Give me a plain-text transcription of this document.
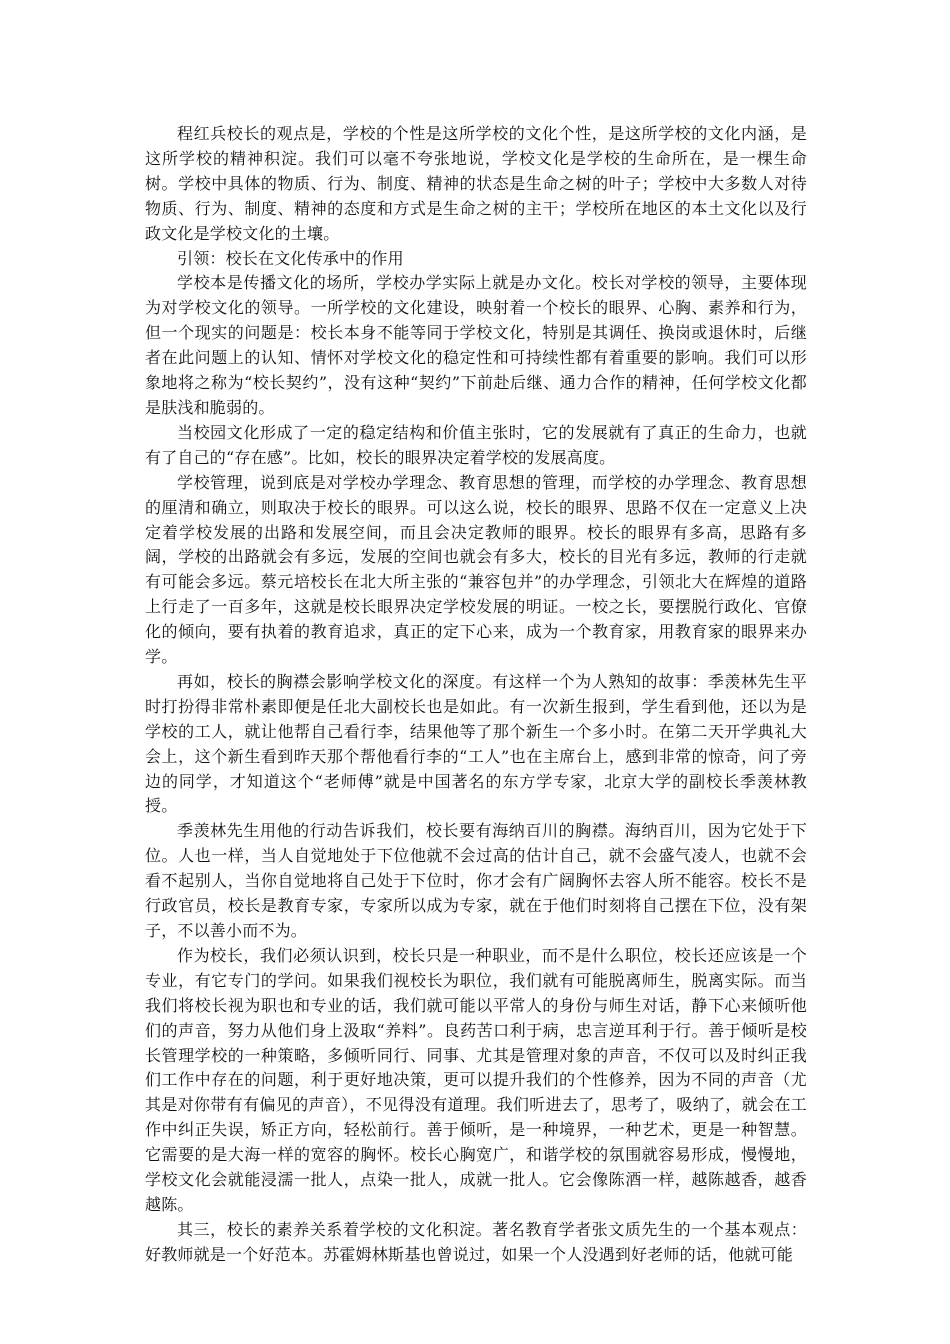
程红兵校长的观点是，学校的个性是这所学校的文化个性，是这所学校的文化内涵，是这所学校的精神积淀。我们可以毫不夸张地说，学校文化是学校的生命所在，是一棵生命树。学校中具体的物质、行为、制度、精神的状态是生命之树的叶子；学校中大多数人对待物质、行为、制度、精神的态度和方式是生命之树的主干；学校所在地区的本土文化以及行政文化是学校文化的土壤。

引领：校长在文化传承中的作用

学校本是传播文化的场所，学校办学实际上就是办文化。校长对学校的领导，主要体现为对学校文化的领导。一所学校的文化建设，映射着一个校长的眼界、心胸、素养和行为，但一个现实的问题是：校长本身不能等同于学校文化，特别是其调任、换岗或退休时，后继者在此问题上的认知、情怀对学校文化的稳定性和可持续性都有着重要的影响。我们可以形象地将之称为“校长契约”，没有这种“契约”下前赴后继、通力合作的精神，任何学校文化都是肤浅和脆弱的。

当校园文化形成了一定的稳定结构和价值主张时，它的发展就有了真正的生命力，也就有了自己的“存在感”。比如，校长的眼界决定着学校的发展高度。

学校管理，说到底是对学校办学理念、教育思想的管理，而学校的办学理念、教育思想的厘清和确立，则取决于校长的眼界。可以这么说，校长的眼界、思路不仅在一定意义上决定着学校发展的出路和发展空间，而且会决定教师的眼界。校长的眼界有多高，思路有多阔，学校的出路就会有多远，发展的空间也就会有多大，校长的目光有多远，教师的行走就有可能会多远。蔡元培校长在北大所主张的“兼容包并”的办学理念，引领北大在辉煌的道路上行走了一百多年，这就是校长眼界决定学校发展的明证。一校之长，要摆脱行政化、官僚化的倾向，要有执着的教育追求，真正的定下心来，成为一个教育家，用教育家的眼界来办学。

再如，校长的胸襟会影响学校文化的深度。有这样一个为人熟知的故事：季羡林先生平时打扮得非常朴素即便是任北大副校长也是如此。有一次新生报到，学生看到他，还以为是学校的工人，就让他帮自己看行李，结果他等了那个新生一个多小时。在第二天开学典礼大会上，这个新生看到昨天那个帮他看行李的“工人”也在主席台上，感到非常的惊奇，问了旁边的同学，才知道这个“老师傅”就是中国著名的东方学专家，北京大学的副校长季羡林教授。

季羡林先生用他的行动告诉我们，校长要有海纳百川的胸襟。海纳百川，因为它处于下位。人也一样，当人自觉地处于下位他就不会过高的估计自己，就不会盛气凌人，也就不会看不起别人，当你自觉地将自己处于下位时，你才会有广阔胸怀去容人所不能容。校长不是行政官员，校长是教育专家，专家所以成为专家，就在于他们时刻将自己摆在下位，没有架子，不以善小而不为。

作为校长，我们必须认识到，校长只是一种职业，而不是什么职位，校长还应该是一个专业，有它专门的学问。如果我们视校长为职位，我们就有可能脱离师生，脱离实际。而当我们将校长视为职也和专业的话，我们就可能以平常人的身份与师生对话，静下心来倾听他们的声音，努力从他们身上汲取“养料”。良药苦口利于病，忠言逆耳利于行。善于倾听是校长管理学校的一种策略，多倾听同行、同事、尤其是管理对象的声音，不仅可以及时纠正我们工作中存在的问题，利于更好地决策，更可以提升我们的个性修养，因为不同的声音（尤其是对你带有有偏见的声音），不见得没有道理。我们听进去了，思考了，吸纳了，就会在工作中纠正失误，矫正方向，轻松前行。善于倾听，是一种境界，一种艺术，更是一种智慧。它需要的是大海一样的宽容的胸怀。校长心胸宽广，和谐学校的氛围就容易形成，慢慢地，学校文化会就能浸濡一批人，点染一批人，成就一批人。它会像陈酒一样，越陈越香，越香越陈。

其三，校长的素养关系着学校的文化积淀。著名教育学者张文质先生的一个基本观点：好教师就是一个好范本。苏霍姆林斯基也曾说过，如果一个人没遇到好老师的话，他就可能
